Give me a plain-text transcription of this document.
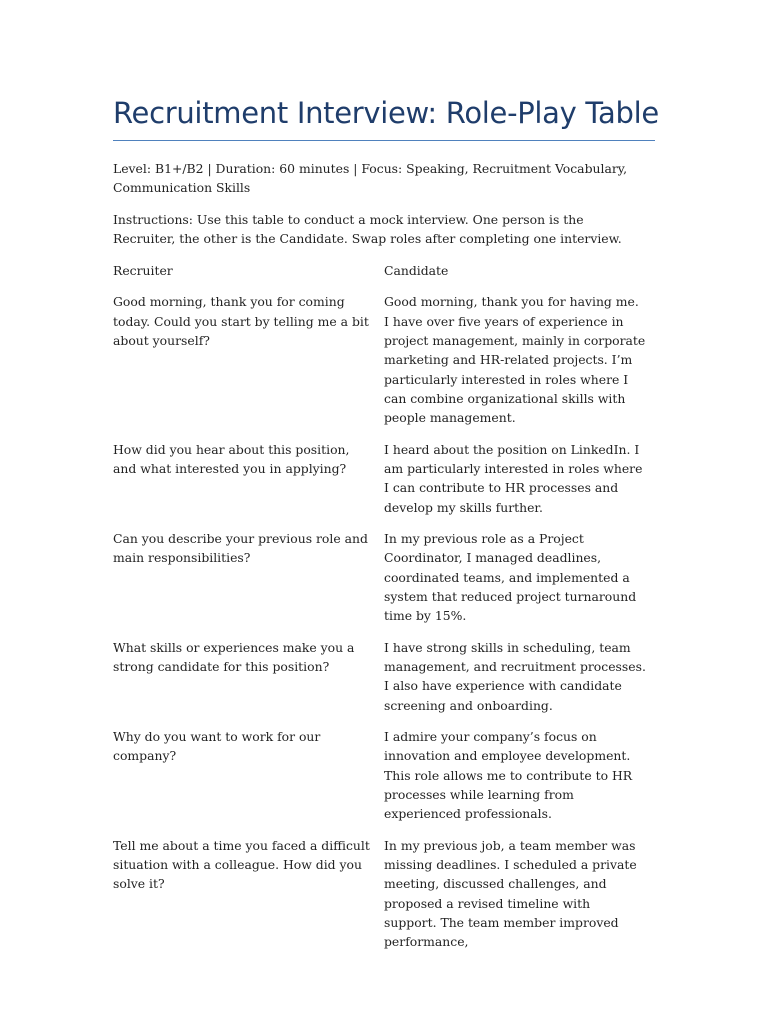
Recruitment Interview: Role-Play Table

Level: B1+/B2 | Duration: 60 minutes | Focus: Speaking, Recruitment Vocabulary, Communication Skills

Instructions: Use this table to conduct a mock interview. One person is the Recruiter, the other is the Candidate. Swap roles after completing one interview.

Recruiter	Candidate

Good morning, thank you for coming today. Could you start by telling me a bit about yourself?

Good morning, thank you for having me. I have over five years of experience in project management, mainly in corporate marketing and HR-related projects. I’m particularly interested in roles where I can combine organizational skills with people management.

How did you hear about this position, and what interested you in applying?

I heard about the position on LinkedIn. I am particularly interested in roles where I can contribute to HR processes and develop my skills further.

Can you describe your previous role and main responsibilities?

In my previous role as a Project Coordinator, I managed deadlines, coordinated teams, and implemented a system that reduced project turnaround time by 15%.

What skills or experiences make you a strong candidate for this position?

I have strong skills in scheduling, team management, and recruitment processes. I also have experience with candidate screening and onboarding.

Why do you want to work for our company?

I admire your company’s focus on innovation and employee development. This role allows me to contribute to HR processes while learning from experienced professionals.

Tell me about a time you faced a difficult situation with a colleague. How did you solve it?

In my previous job, a team member was missing deadlines. I scheduled a private meeting, discussed challenges, and proposed a revised timeline with support. The team member improved performance,
